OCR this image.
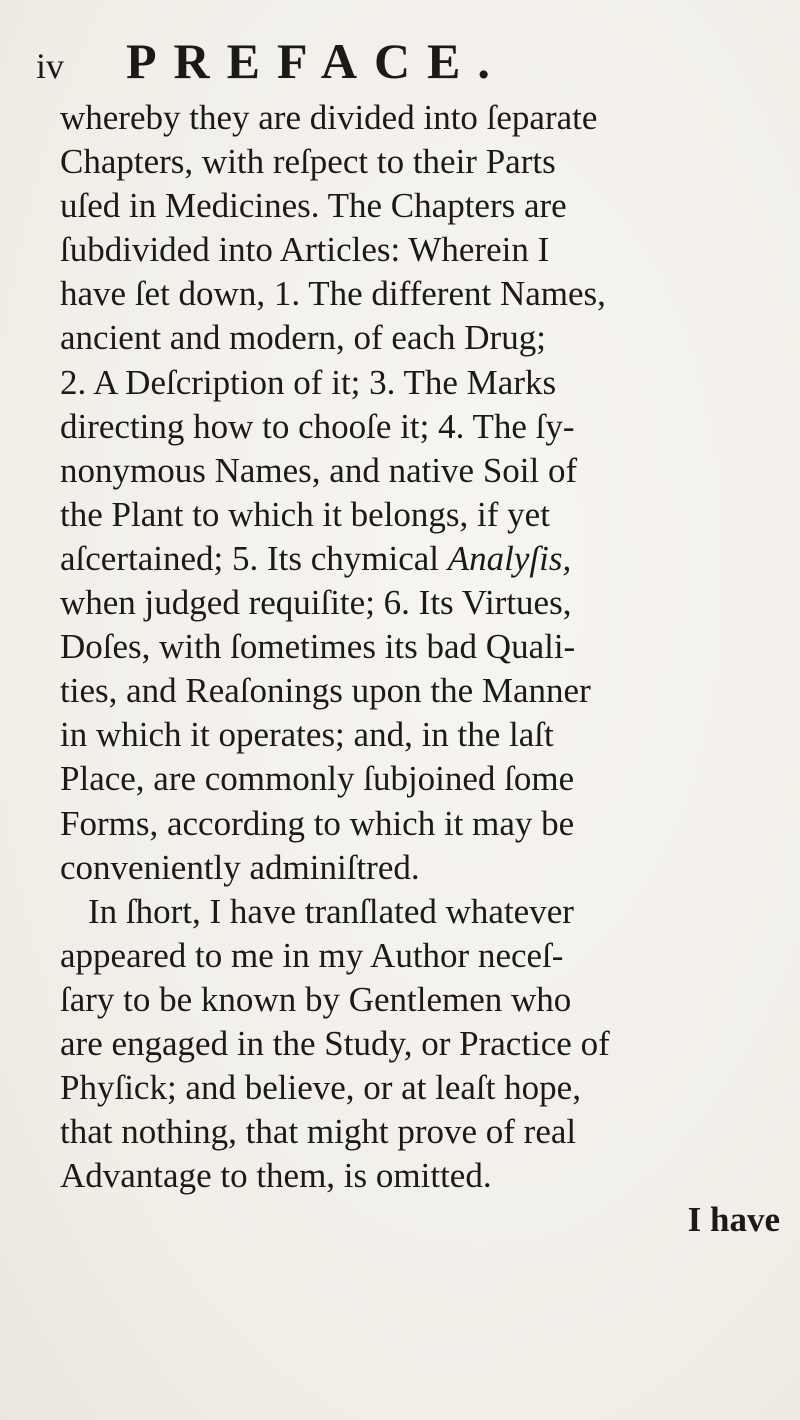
iv PREFACE.
whereby they are divided into ſeparate
Chapters, with reſpect to their Parts
uſed in Medicines. The Chapters are
ſubdivided into Articles: Wherein I
have ſet down, 1. The different Names,
ancient and modern, of each Drug;
2. A Deſcription of it; 3. The Marks
directing how to chooſe it; 4. The ſy-
nonymous Names, and native Soil of
the Plant to which it belongs, if yet
aſcertained; 5. Its chymical Analyſis,
when judged requiſite; 6. Its Virtues,
Doſes, with ſometimes its bad Quali-
ties, and Reaſonings upon the Manner
in which it operates; and, in the laſt
Place, are commonly ſubjoined ſome
Forms, according to which it may be
conveniently adminiſtred.
In ſhort, I have tranſlated whatever
appeared to me in my Author neceſ-
ſary to be known by Gentlemen who
are engaged in the Study, or Practice of
Phyſick; and believe, or at leaſt hope,
that nothing, that might prove of real
Advantage to them, is omitted.
I have
